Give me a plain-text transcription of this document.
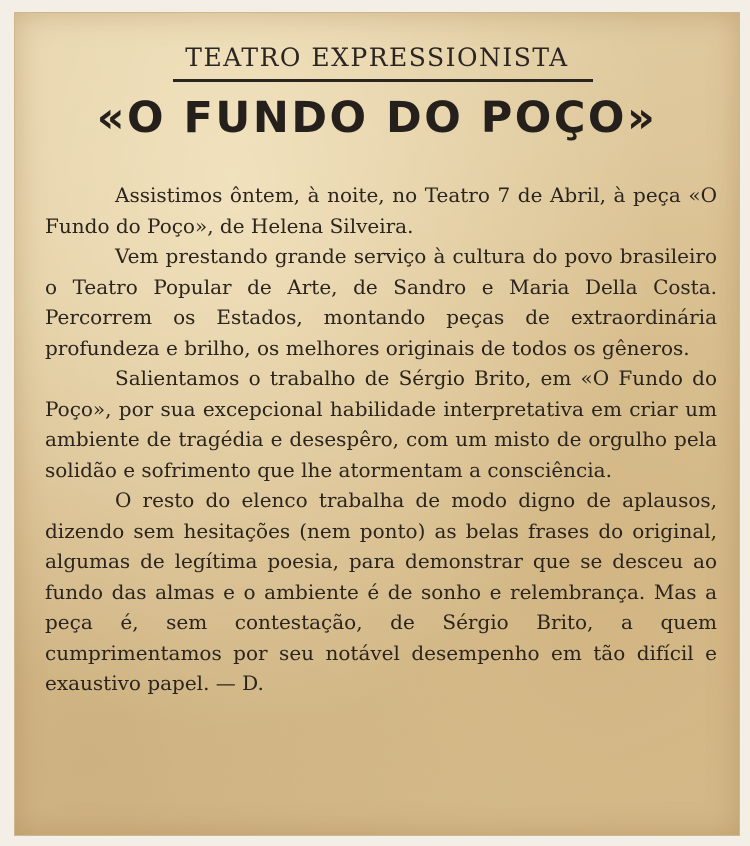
TEATRO EXPRESSIONISTA
«O FUNDO DO POÇO»

Assistimos ôntem, à noite, no Teatro 7 de Abril, à peça «O Fundo do Poço», de Helena Silveira.

Vem prestando grande serviço à cultura do povo brasileiro o Teatro Popular de Arte, de Sandro e Maria Della Costa. Percorrem os Estados, montando peças de extraordinária profundeza e brilho, os melhores originais de todos os gêneros.

Salientamos o trabalho de Sérgio Brito, em «O Fundo do Poço», por sua excepcional habilidade interpretativa em criar um ambiente de tragédia e desespêro, com um misto de orgulho pela solidão e sofrimento que lhe atormentam a consciência.

O resto do elenco trabalha de modo digno de aplausos, dizendo sem hesitações (nem ponto) as belas frases do original, algumas de legítima poesia, para demonstrar que se desceu ao fundo das almas e o ambiente é de sonho e relembrança. Mas a peça é, sem contestação, de Sérgio Brito, a quem cumprimentamos por seu notável desempenho em tão difícil e exaustivo papel. — D.
